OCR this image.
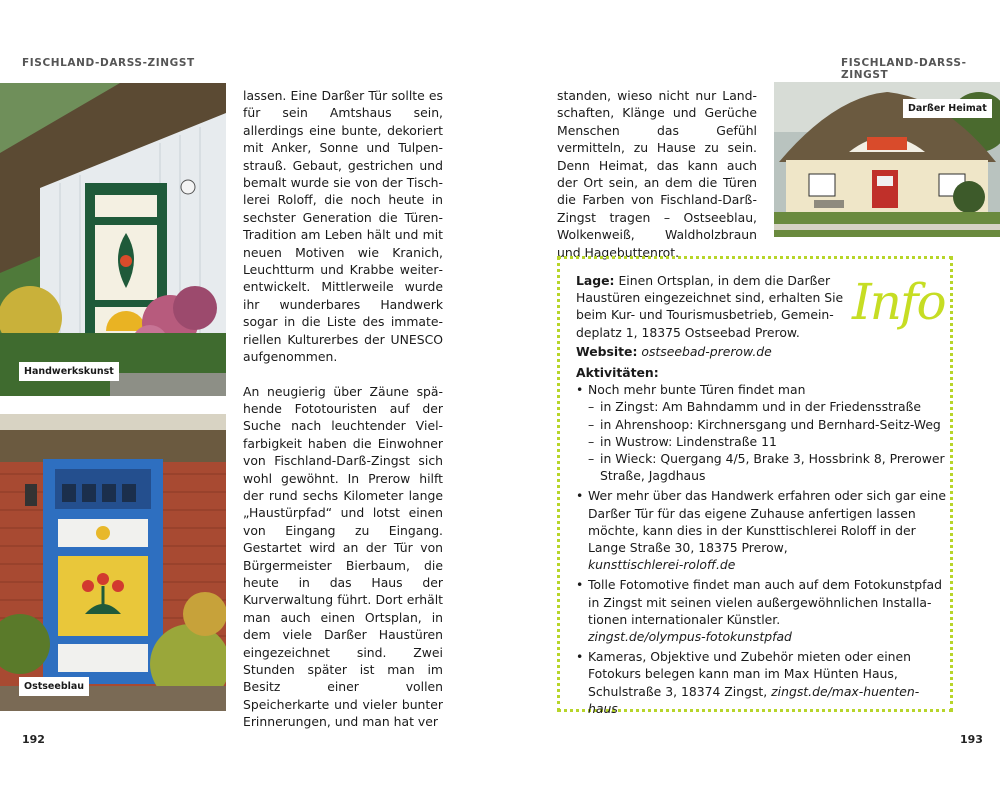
FISCHLAND-DARSS-ZINGST
Handwerkskunst
Ostseeblau

lassen. Eine Darßer Tür sollte es für sein Amtshaus sein, allerdings eine bunte, dekoriert mit Anker, Sonne und Tulpenstrauß. Gebaut, gestrichen und bemalt wurde sie von der Tischlerei Roloff, die noch heute in sechster Generation die Türen-Tradition am Leben hält und mit neuen Motiven wie Kranich, Leuchtturm und Krabbe weiterentwickelt. Mittlerweile wurde ihr wunderbares Handwerk sogar in die Liste des immateriellen Kulturerbes der UNESCO aufgenommen.

An neugierig über Zäune spähende Fototouristen auf der Suche nach leuchtender Vielfarbigkeit haben die Einwohner von Fischland-Darß-Zingst sich wohl gewöhnt. In Prerow hilft der rund sechs Kilometer lange „Haustürpfad“ und lotst einen von Eingang zu Eingang. Gestartet wird an der Tür von Bürgermeister Bierbaum, die heute in das Haus der Kurverwaltung führt. Dort erhält man auch einen Ortsplan, in dem viele Darßer Haustüren eingezeichnet sind. Zwei Stunden später ist man im Besitz einer vollen Speicherkarte und vieler bunter Erinnerungen, und man hat ver

192
FISCHLAND-DARSS-ZINGST

standen, wieso nicht nur Landschaften, Klänge und Gerüche Menschen das Gefühl vermitteln, zu Hause zu sein. Denn Heimat, das kann auch der Ort sein, an dem die Türen die Farben von Fischland-Darß-Zingst tragen – Ostseeblau, Wolkenweiß, Waldholzbraun und Hagebuttenrot.

Darßer Heimat
Info
Lage: Einen Ortsplan, in dem die Darßer Haustüren eingezeichnet sind, erhalten Sie beim Kur- und Tourismusbetrieb, Gemeindeplatz 1, 18375 Ostseebad Prerow.
Website: ostseebad-prerow.de
Aktivitäten:
• Noch mehr bunte Türen findet man
– in Zingst: Am Bahndamm und in der Friedensstraße
– in Ahrenshoop: Kirchnersgang und Bernhard-Seitz-Weg
– in Wustrow: Lindenstraße 11
– in Wieck: Quergang 4/5, Brake 3, Hossbrink 8, Prerower Straße, Jagdhaus
• Wer mehr über das Handwerk erfahren oder sich gar eine Darßer Tür für das eigene Zuhause anfertigen lassen möchte, kann dies in der Kunsttischlerei Roloff in der Lange Straße 30, 18375 Prerow,
kunsttischlerei-roloff.de
• Tolle Fotomotive findet man auch auf dem Fotokunstpfad in Zingst mit seinen vielen außergewöhnlichen Installationen internationaler Künstler.
zingst.de/olympus-fotokunstpfad
• Kameras, Objektive und Zubehör mieten oder einen Fotokurs belegen kann man im Max Hünten Haus, Schulstraße 3, 18374 Zingst, zingst.de/max-huenten-haus
193
